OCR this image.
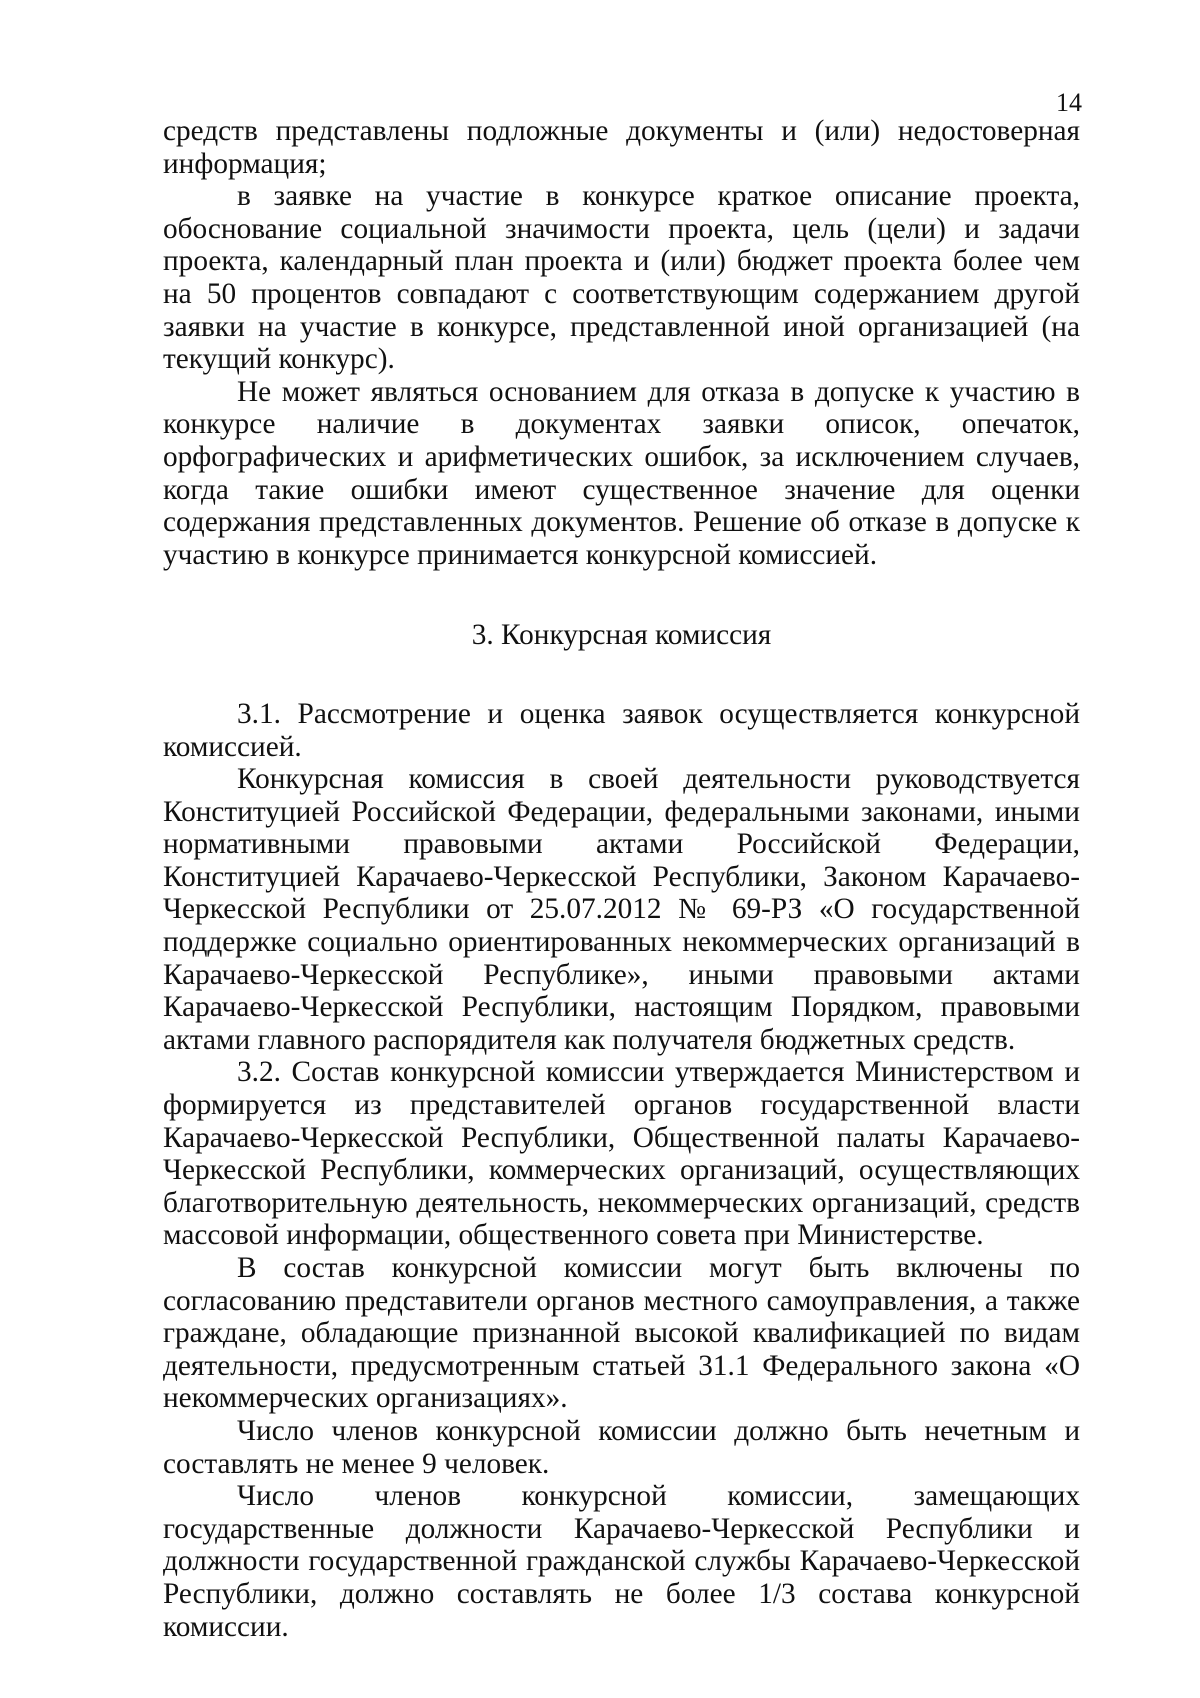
14

средств представлены подложные документы и (или) недостоверная информация;

в заявке на участие в конкурсе краткое описание проекта, обоснование социальной значимости проекта, цель (цели) и задачи проекта, календарный план проекта и (или) бюджет проекта более чем на 50 процентов совпадают с соответствующим содержанием другой заявки на участие в конкурсе, представленной иной организацией (на текущий конкурс).

Не может являться основанием для отказа в допуске к участию в конкурсе наличие в документах заявки описок, опечаток, орфографических и арифметических ошибок, за исключением случаев, когда такие ошибки имеют существенное значение для оценки содержания представленных документов. Решение об отказе в допуске к участию в конкурсе принимается конкурсной комиссией.

3. Конкурсная комиссия

3.1. Рассмотрение и оценка заявок осуществляется конкурсной комиссией.

Конкурсная комиссия в своей деятельности руководствуется Конституцией Российской Федерации, федеральными законами, иными нормативными правовыми актами Российской Федерации, Конституцией Карачаево-Черкесской Республики, Законом Карачаево-Черкесской Республики от 25.07.2012 № 69-РЗ «О государственной поддержке социально ориентированных некоммерческих организаций в Карачаево-Черкесской Республике», иными правовыми актами Карачаево-Черкесской Республики, настоящим Порядком, правовыми актами главного распорядителя как получателя бюджетных средств.

3.2. Состав конкурсной комиссии утверждается Министерством и формируется из представителей органов государственной власти Карачаево-Черкесской Республики, Общественной палаты Карачаево-Черкесской Республики, коммерческих организаций, осуществляющих благотворительную деятельность, некоммерческих организаций, средств массовой информации, общественного совета при Министерстве.

В состав конкурсной комиссии могут быть включены по согласованию представители органов местного самоуправления, а также граждане, обладающие признанной высокой квалификацией по видам деятельности, предусмотренным статьей 31.1 Федерального закона «О некоммерческих организациях».

Число членов конкурсной комиссии должно быть нечетным и составлять не менее 9 человек.

Число членов конкурсной комиссии, замещающих государственные должности Карачаево-Черкесской Республики и должности государственной гражданской службы Карачаево-Черкесской Республики, должно составлять не более 1/3 состава конкурсной комиссии.
